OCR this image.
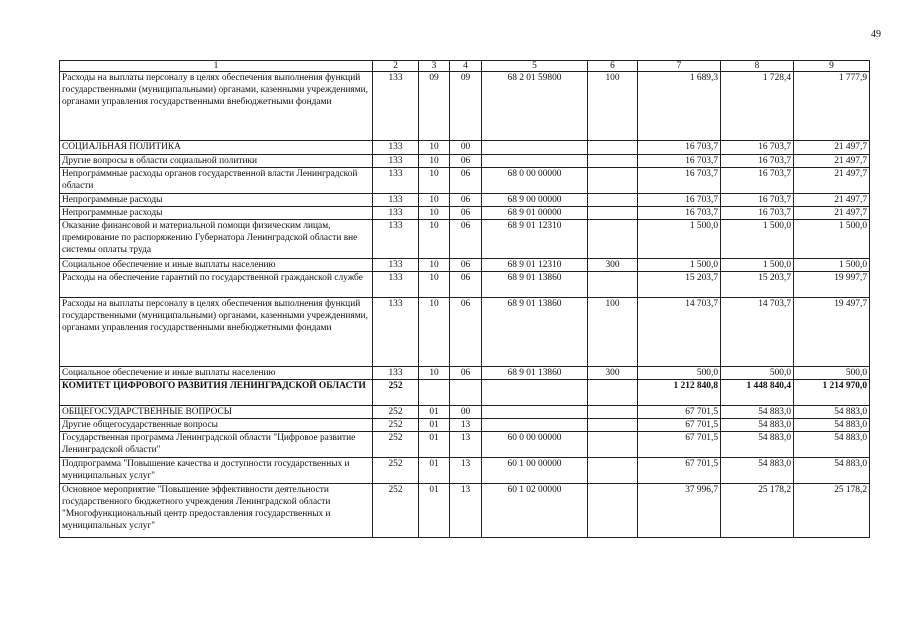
49
1	2	3	4	5	6	7	8	9
Расходы на выплаты персоналу в целях обеспечения выполнения функций государственными (муниципальными) органами, казенными учреждениями, органами управления государственными внебюджетными фондами	133	09	09	68 2 01 59800	100	1 689,3	1 728,4	1 777,9
СОЦИАЛЬНАЯ ПОЛИТИКА	133	10	00			16 703,7	16 703,7	21 497,7
Другие вопросы в области социальной политики	133	10	06			16 703,7	16 703,7	21 497,7
Непрограммные расходы органов государственной власти Ленинградской области	133	10	06	68 0 00 00000		16 703,7	16 703,7	21 497,7
Непрограммные расходы	133	10	06	68 9 00 00000		16 703,7	16 703,7	21 497,7
Непрограммные расходы	133	10	06	68 9 01 00000		16 703,7	16 703,7	21 497,7
Оказание финансовой и материальной помощи физическим лицам, премирование по распоряжению Губернатора Ленинградской области вне системы оплаты труда	133	10	06	68 9 01 12310		1 500,0	1 500,0	1 500,0
Социальное обеспечение и иные выплаты населению	133	10	06	68 9 01 12310	300	1 500,0	1 500,0	1 500,0
Расходы на обеспечение гарантий по государственной гражданской службе	133	10	06	68 9 01 13860		15 203,7	15 203,7	19 997,7
Расходы на выплаты персоналу в целях обеспечения выполнения функций государственными (муниципальными) органами, казенными учреждениями, органами управления государственными внебюджетными фондами	133	10	06	68 9 01 13860	100	14 703,7	14 703,7	19 497,7
Социальное обеспечение и иные выплаты населению	133	10	06	68 9 01 13860	300	500,0	500,0	500,0
КОМИТЕТ ЦИФРОВОГО РАЗВИТИЯ ЛЕНИНГРАДСКОЙ ОБЛАСТИ	252					1 212 840,8	1 448 840,4	1 214 970,0
ОБЩЕГОСУДАРСТВЕННЫЕ ВОПРОСЫ	252	01	00			67 701,5	54 883,0	54 883,0
Другие общегосударственные вопросы	252	01	13			67 701,5	54 883,0	54 883,0
Государственная программа Ленинградской области "Цифровое развитие Ленинградской области"	252	01	13	60 0 00 00000		67 701,5	54 883,0	54 883,0
Подпрограмма "Повышение качества и доступности государственных и муниципальных услуг"	252	01	13	60 1 00 00000		67 701,5	54 883,0	54 883,0
Основное мероприятие "Повышение эффективности деятельности государственного бюджетного учреждения Ленинградской области "Многофункциональный центр предоставления государственных и муниципальных услуг"	252	01	13	60 1 02 00000		37 996,7	25 178,2	25 178,2
